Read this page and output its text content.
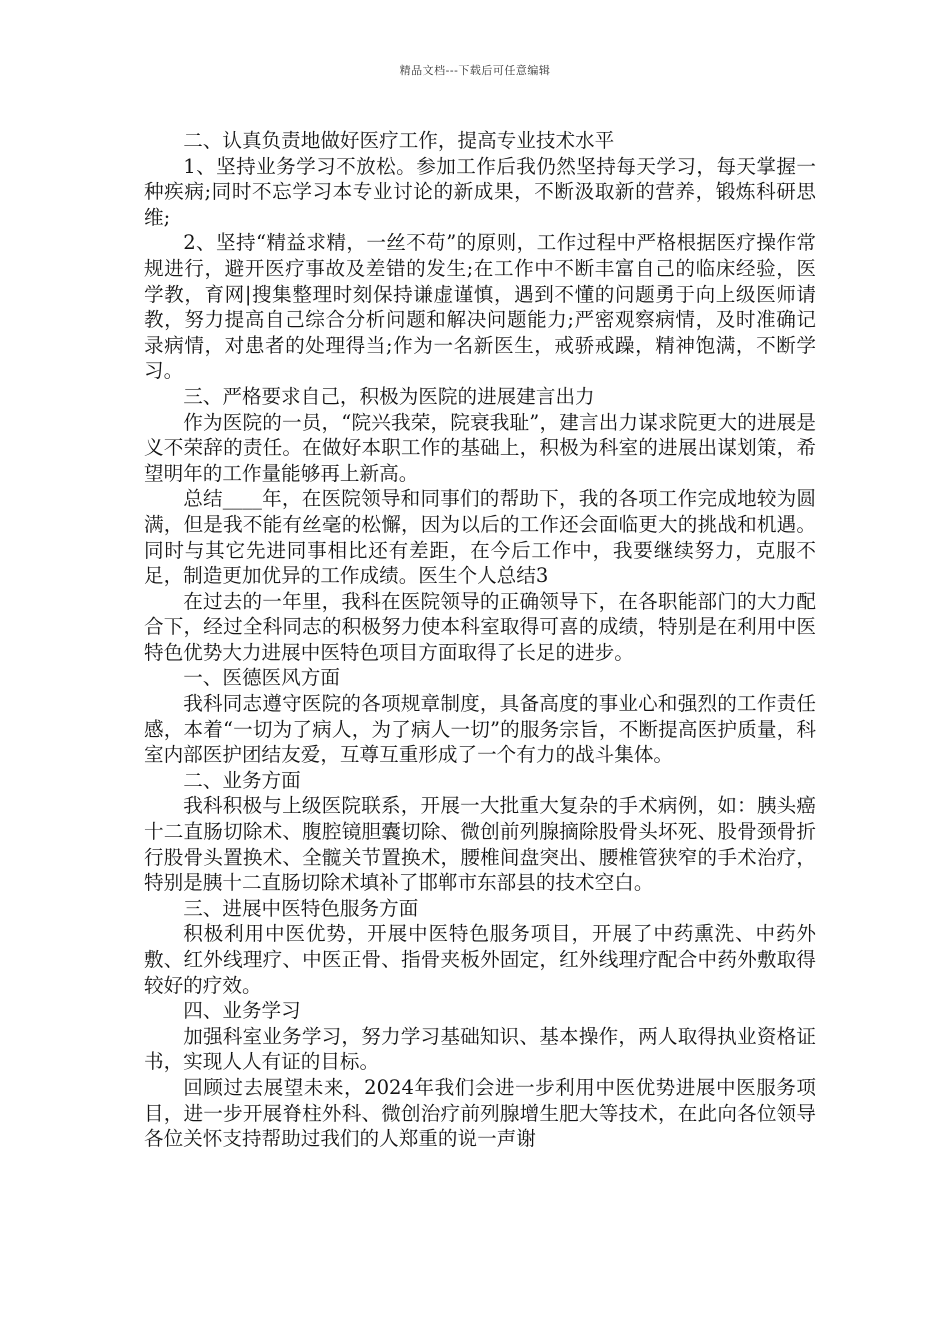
精品文档---下载后可任意编辑

二、认真负责地做好医疗工作，提高专业技术水平

1、坚持业务学习不放松。参加工作后我仍然坚持每天学习，每天掌握一种疾病;同时不忘学习本专业讨论的新成果，不断汲取新的营养，锻炼科研思维;

2、坚持“精益求精，一丝不苟”的原则，工作过程中严格根据医疗操作常规进行，避开医疗事故及差错的发生;在工作中不断丰富自己的临床经验，医学教，育网|搜集整理时刻保持谦虚谨慎，遇到不懂的问题勇于向上级医师请教，努力提高自己综合分析问题和解决问题能力;严密观察病情，及时准确记录病情，对患者的处理得当;作为一名新医生，戒骄戒躁，精神饱满，不断学习。

三、严格要求自己，积极为医院的进展建言出力

作为医院的一员，“院兴我荣，院衰我耻”，建言出力谋求院更大的进展是义不荣辞的责任。在做好本职工作的基础上，积极为科室的进展出谋划策，希望明年的工作量能够再上新高。

总结____年，在医院领导和同事们的帮助下，我的各项工作完成地较为圆满，但是我不能有丝毫的松懈，因为以后的工作还会面临更大的挑战和机遇。同时与其它先进同事相比还有差距，在今后工作中，我要继续努力，克服不足，制造更加优异的工作成绩。医生个人总结3

在过去的一年里，我科在医院领导的正确领导下，在各职能部门的大力配合下，经过全科同志的积极努力使本科室取得可喜的成绩，特别是在利用中医特色优势大力进展中医特色项目方面取得了长足的进步。

一、医德医风方面

我科同志遵守医院的各项规章制度，具备高度的事业心和强烈的工作责任感，本着“一切为了病人，为了病人一切”的服务宗旨，不断提高医护质量，科室内部医护团结友爱，互尊互重形成了一个有力的战斗集体。

二、业务方面

我科积极与上级医院联系，开展一大批重大复杂的手术病例，如：胰头癌十二直肠切除术、腹腔镜胆囊切除、微创前列腺摘除股骨头坏死、股骨颈骨折行股骨头置换术、全髋关节置换术，腰椎间盘突出、腰椎管狭窄的手术治疗，特别是胰十二直肠切除术填补了邯郸市东部县的技术空白。

三、进展中医特色服务方面

积极利用中医优势，开展中医特色服务项目，开展了中药熏洗、中药外敷、红外线理疗、中医正骨、指骨夹板外固定，红外线理疗配合中药外敷取得较好的疗效。

四、业务学习

加强科室业务学习，努力学习基础知识、基本操作，两人取得执业资格证书，实现人人有证的目标。

回顾过去展望未来，2024年我们会进一步利用中医优势进展中医服务项目，进一步开展脊柱外科、微创治疗前列腺增生肥大等技术，在此向各位领导各位关怀支持帮助过我们的人郑重的说一声谢
